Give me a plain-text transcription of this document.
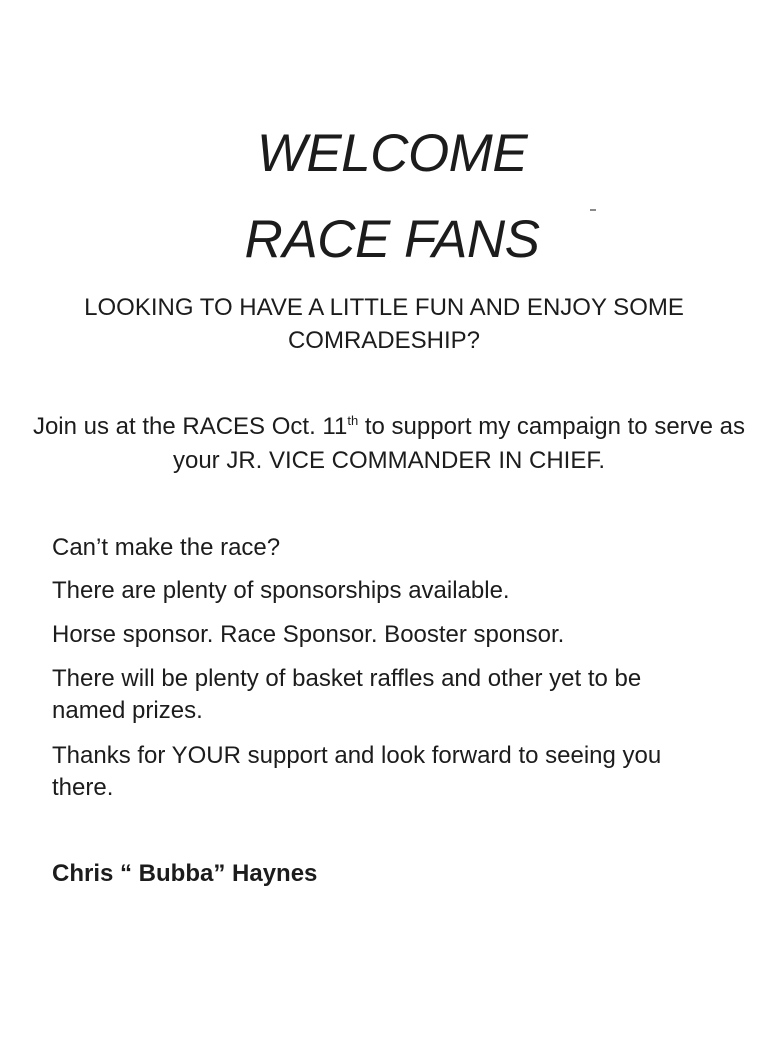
WELCOME
RACE FANS

LOOKING TO HAVE A LITTLE FUN AND ENJOY SOME COMRADESHIP?

Join us at the RACES Oct. 11th to support my campaign to serve as your JR. VICE COMMANDER IN CHIEF.

Can’t make the race?

There are plenty of sponsorships available.

Horse sponsor. Race Sponsor. Booster sponsor.

There will be plenty of basket raffles and other yet to be named prizes.

Thanks for YOUR support and look forward to seeing you there.

Chris “ Bubba” Haynes
